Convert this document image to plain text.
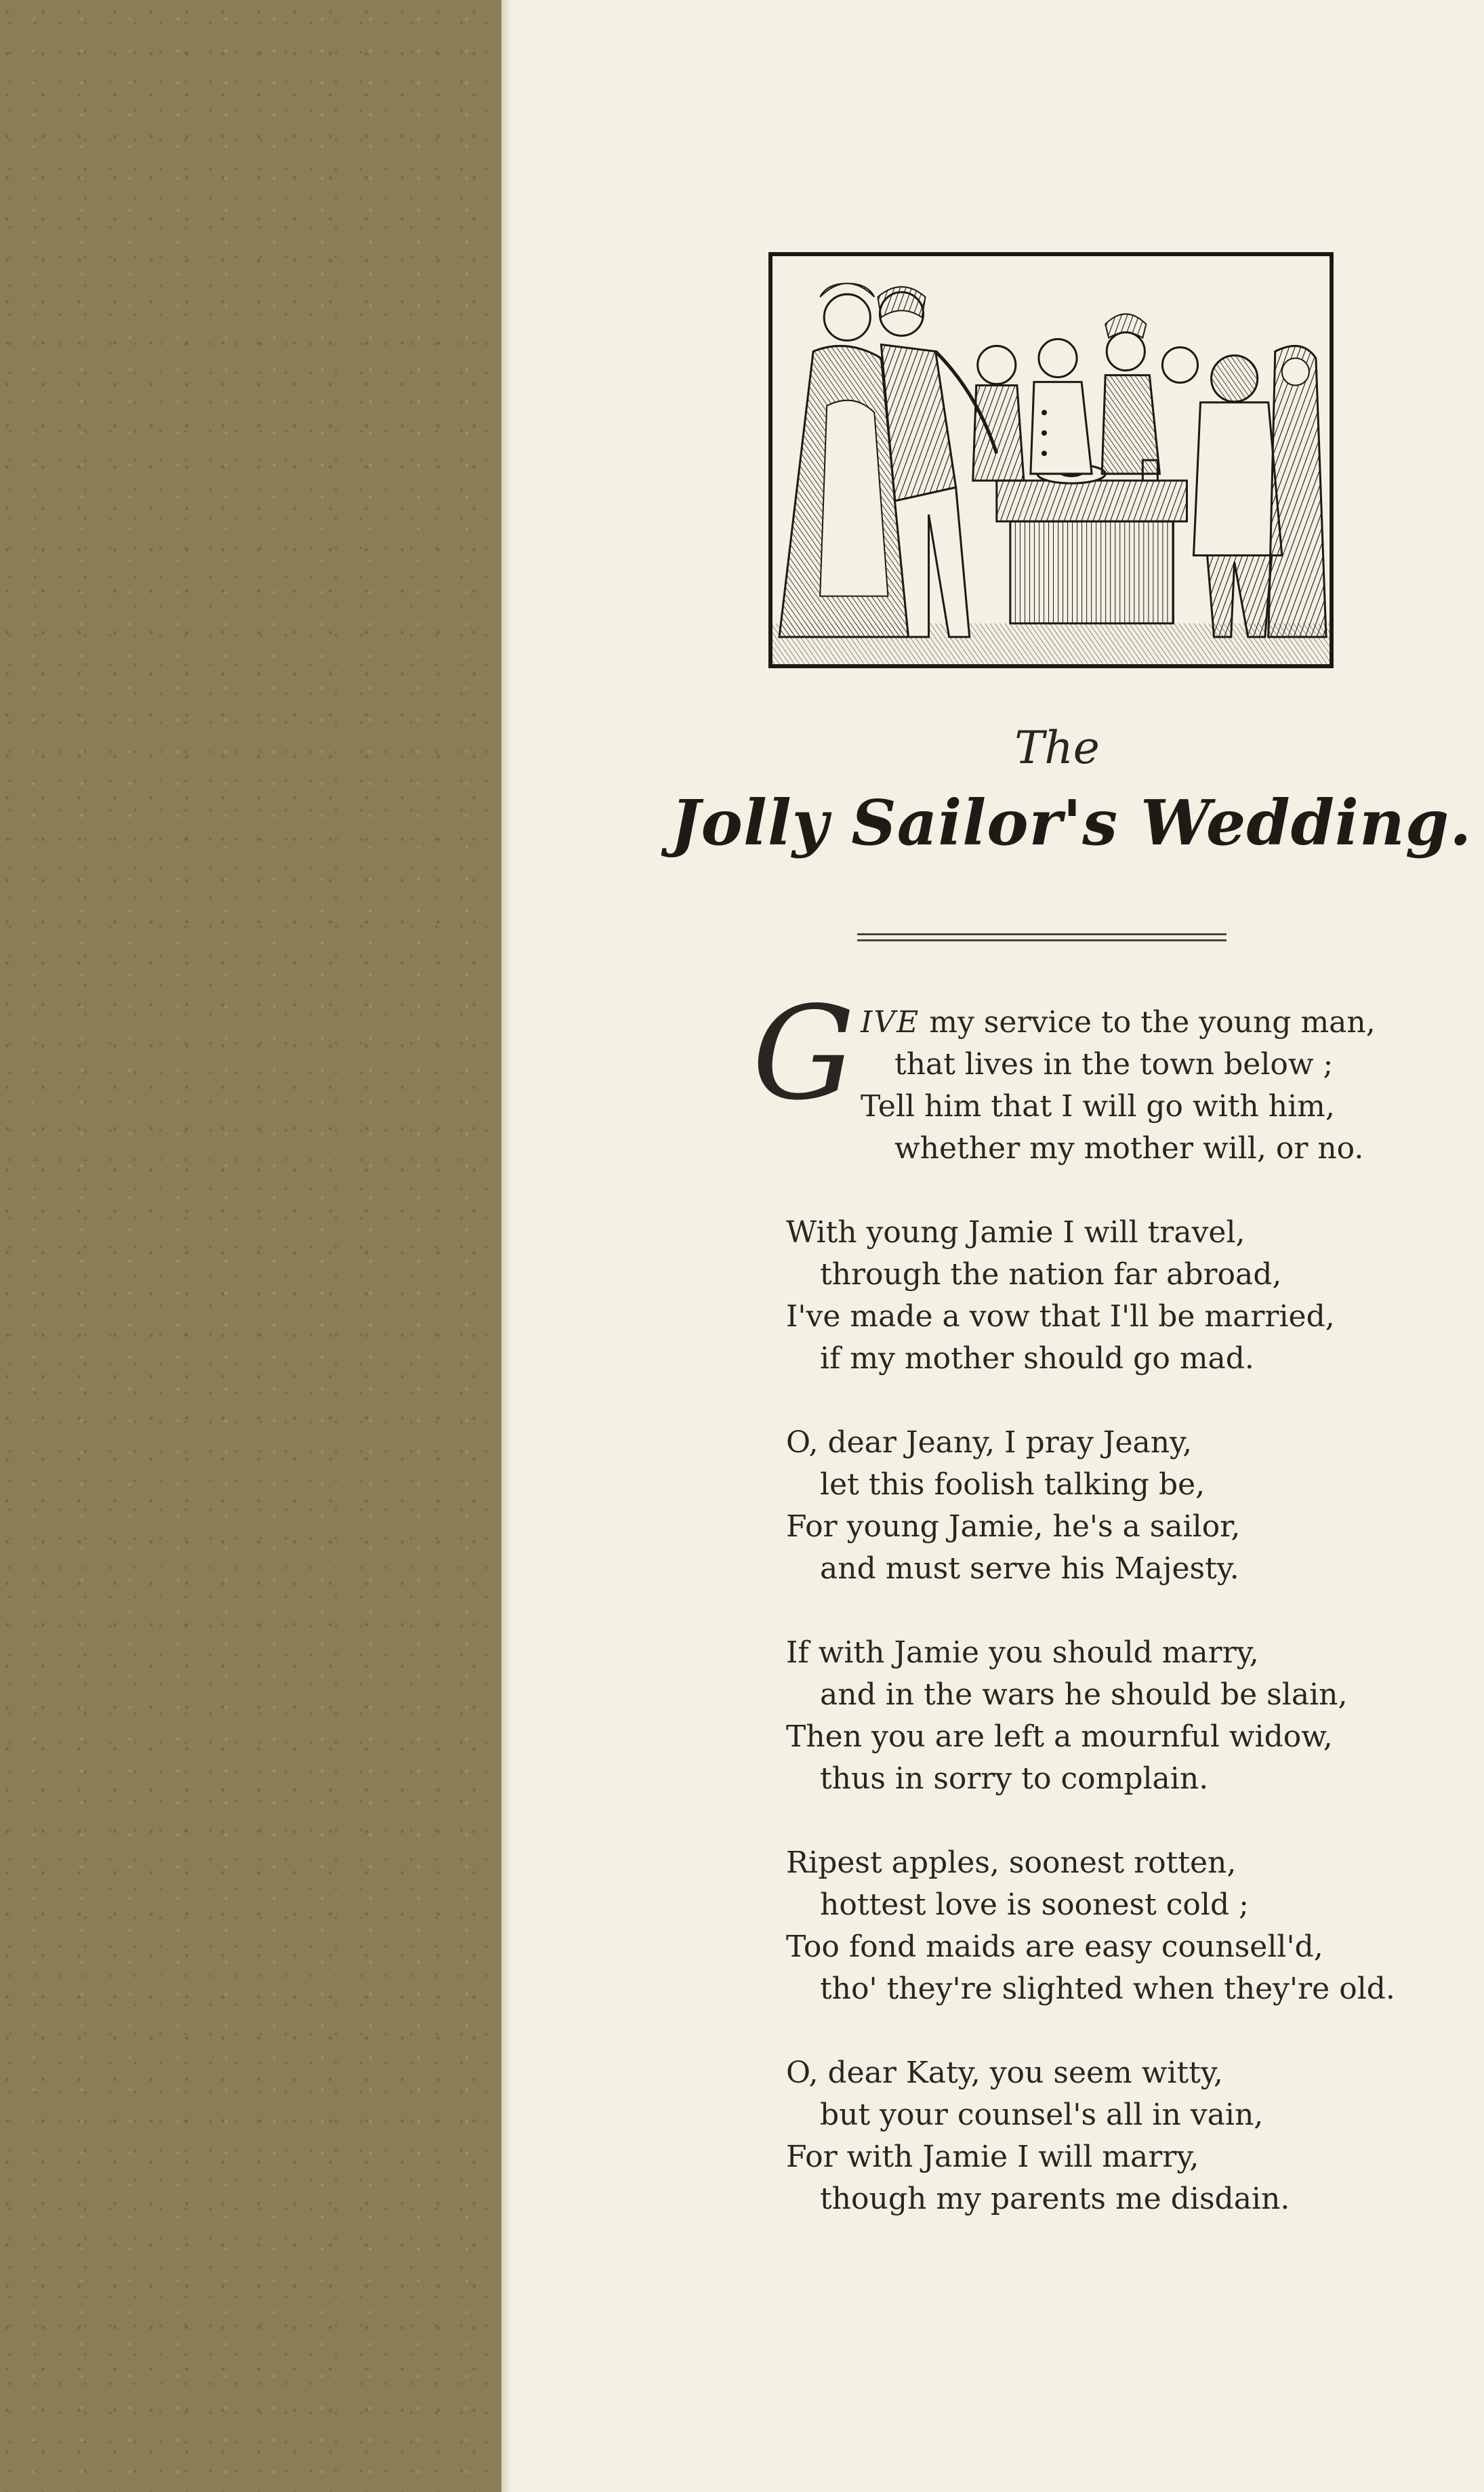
The
Jolly Sailor's Wedding.
G IVE my service to the young man,
that lives in the town below ;
Tell him that I will go with him,
whether my mother will, or no.
With young Jamie I will travel,
through the nation far abroad,
I've made a vow that I'll be married,
if my mother should go mad.
O, dear Jeany, I pray Jeany,
let this foolish talking be,
For young Jamie, he's a sailor,
and must serve his Majesty.
If with Jamie you should marry,
and in the wars he should be slain,
Then you are left a mournful widow,
thus in sorry to complain.
Ripest apples, soonest rotten,
hottest love is soonest cold ;
Too fond maids are easy counsell'd,
tho' they're slighted when they're old.
O, dear Katy, you seem witty,
but your counsel's all in vain,
For with Jamie I will marry,
though my parents me disdain.
